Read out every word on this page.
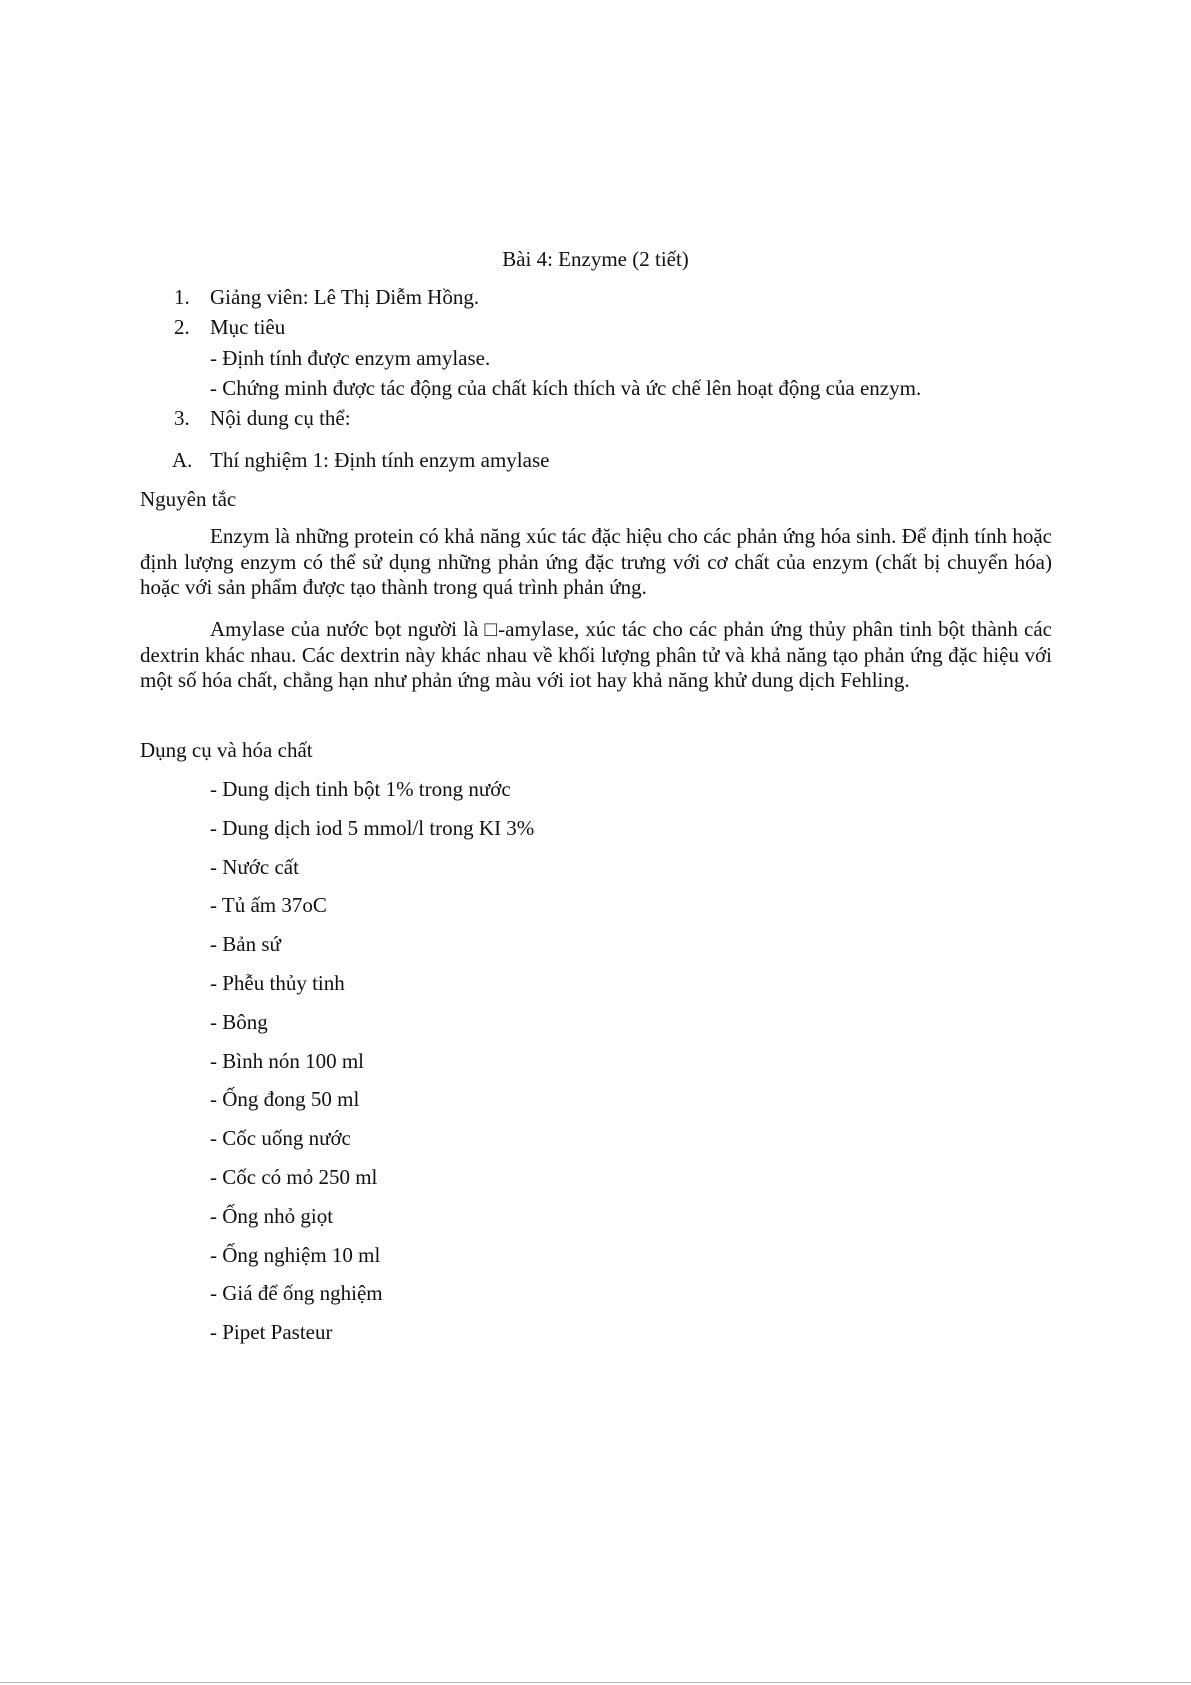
Bài 4: Enzyme (2 tiết)
1. Giảng viên: Lê Thị Diễm Hồng.
2. Mục tiêu
- Định tính được enzym amylase.
- Chứng minh được tác động của chất kích thích và ức chế lên hoạt động của enzym.
3. Nội dung cụ thể:
A. Thí nghiệm 1: Định tính enzym amylase
Nguyên tắc

Enzym là những protein có khả năng xúc tác đặc hiệu cho các phản ứng hóa sinh. Để định tính hoặc định lượng enzym có thể sử dụng những phản ứng đặc trưng với cơ chất của enzym (chất bị chuyển hóa) hoặc với sản phẩm được tạo thành trong quá trình phản ứng.

Amylase của nước bọt người là □-amylase, xúc tác cho các phản ứng thủy phân tinh bột thành các dextrin khác nhau. Các dextrin này khác nhau về khối lượng phân tử và khả năng tạo phản ứng đặc hiệu với một số hóa chất, chẳng hạn như phản ứng màu với iot hay khả năng khử dung dịch Fehling.

Dụng cụ và hóa chất
- Dung dịch tinh bột 1% trong nước
- Dung dịch iod 5 mmol/l trong KI 3%
- Nước cất
- Tủ ấm 37oC
- Bản sứ
- Phễu thủy tinh
- Bông
- Bình nón 100 ml
- Ống đong 50 ml
- Cốc uống nước
- Cốc có mỏ 250 ml
- Ống nhỏ giọt
- Ống nghiệm 10 ml
- Giá để ống nghiệm
- Pipet Pasteur
